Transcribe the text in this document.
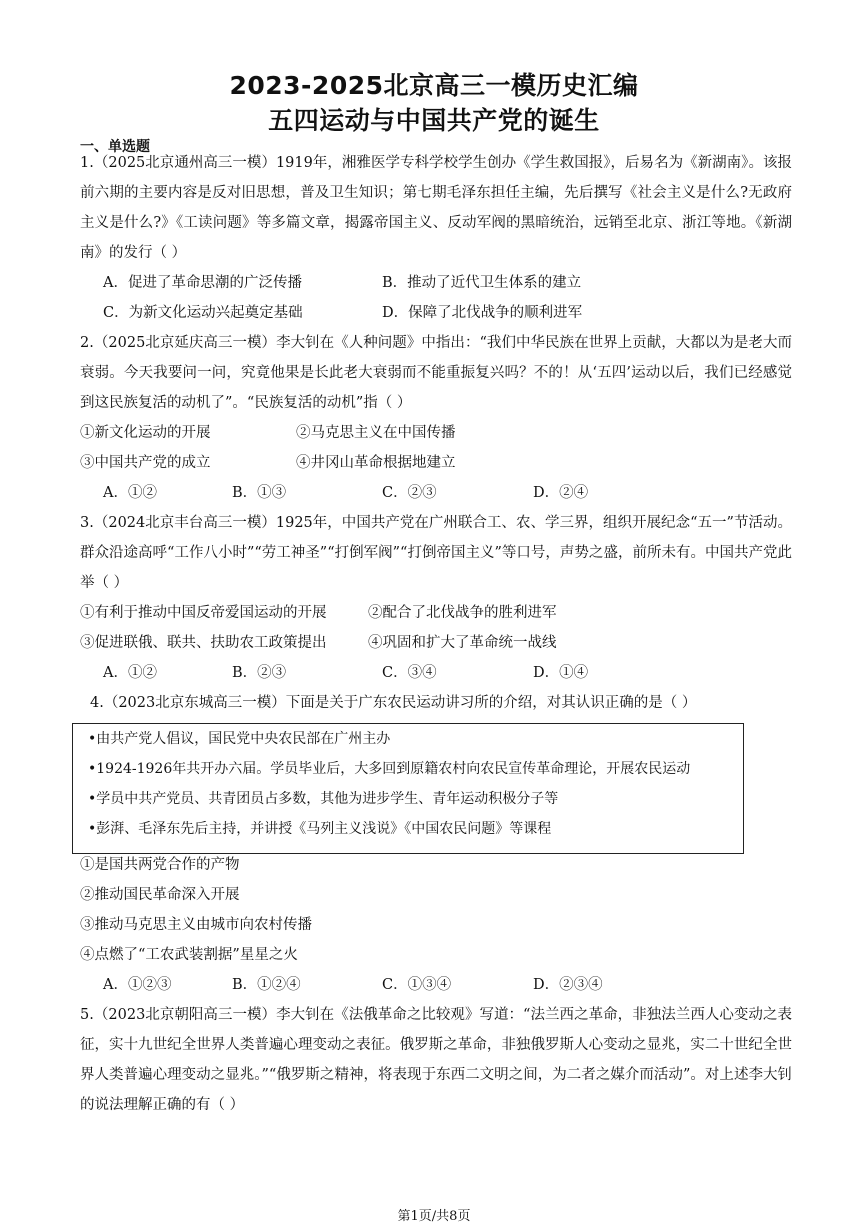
2023-2025北京高三一模历史汇编
五四运动与中国共产党的诞生
一、单选题
1.（2025北京通州高三一模）1919年，湘雅医学专科学校学生创办《学生救国报》，后易名为《新湖南》。该报前六期的主要内容是反对旧思想，普及卫生知识；第七期毛泽东担任主编，先后撰写《社会主义是什么?无政府主义是什么?》《工读问题》等多篇文章，揭露帝国主义、反动军阀的黑暗统治，远销至北京、浙江等地。《新湖南》的发行（ ）
A．促进了革命思潮的广泛传播	B．推动了近代卫生体系的建立
C．为新文化运动兴起奠定基础	D．保障了北伐战争的顺利进军
2.（2025北京延庆高三一模）李大钊在《人种问题》中指出：“我们中华民族在世界上贡献，大都以为是老大而衰弱。今天我要问一问，究竟他果是长此老大衰弱而不能重振复兴吗？不的！从‘五四’运动以后，我们已经感觉到这民族复活的动机了”。“民族复活的动机”指（ ）
①新文化运动的开展	②马克思主义在中国传播
③中国共产党的成立	④井冈山革命根据地建立
A．①②	B．①③	C．②③	D．②④
3.（2024北京丰台高三一模）1925年，中国共产党在广州联合工、农、学三界，组织开展纪念“五一”节活动。群众沿途高呼“工作八小时”“劳工神圣”“打倒军阀”“打倒帝国主义”等口号，声势之盛，前所未有。中国共产党此举（ ）
①有利于推动中国反帝爱国运动的开展	②配合了北伐战争的胜利进军
③促进联俄、联共、扶助农工政策提出	④巩固和扩大了革命统一战线
A．①②	B．②③	C．③④	D．①④
4.（2023北京东城高三一模）下面是关于广东农民运动讲习所的介绍，对其认识正确的是（ ）
•由共产党人倡议，国民党中央农民部在广州主办
•1924-1926年共开办六届。学员毕业后，大多回到原籍农村向农民宣传革命理论，开展农民运动
•学员中共产党员、共青团员占多数，其他为进步学生、青年运动积极分子等
•彭湃、毛泽东先后主持，并讲授《马列主义浅说》《中国农民问题》等课程
①是国共两党合作的产物
②推动国民革命深入开展
③推动马克思主义由城市向农村传播
④点燃了“工农武装割据”星星之火
A．①②③	B．①②④	C．①③④	D．②③④
5.（2023北京朝阳高三一模）李大钊在《法俄革命之比较观》写道：“法兰西之革命，非独法兰西人心变动之表征，实十九世纪全世界人类普遍心理变动之表征。俄罗斯之革命，非独俄罗斯人心变动之显兆，实二十世纪全世界人类普遍心理变动之显兆。”“俄罗斯之精神，将表现于东西二文明之间，为二者之媒介而活动”。对上述李大钊的说法理解正确的有（ ）
第1页/共8页
